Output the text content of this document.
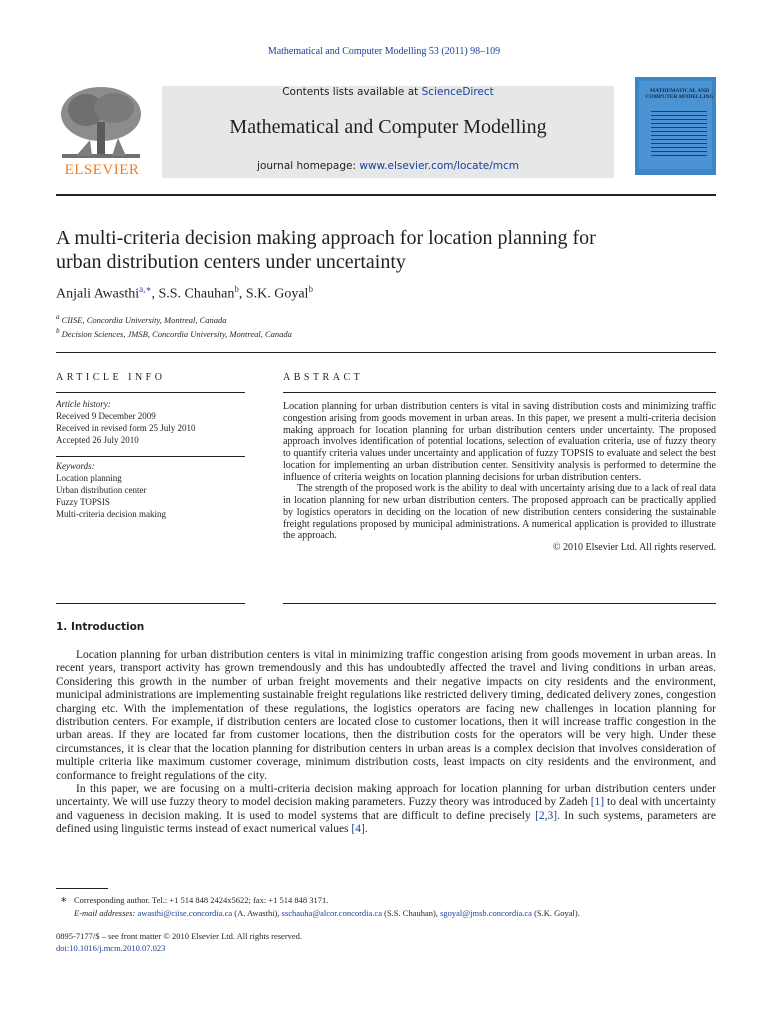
Mathematical and Computer Modelling 53 (2011) 98–109
ELSEVIER
Contents lists available at ScienceDirect
Mathematical and Computer Modelling
journal homepage: www.elsevier.com/locate/mcm
MATHEMATICAL AND COMPUTER MODELLING
A multi-criteria decision making approach for location planning for
urban distribution centers under uncertainty
Anjali Awasthi$^{a,∗}$, S.S. Chauhan$^b$, S.K. Goyal$^b$
$^a$ CIISE, Concordia University, Montreal, Canada
$^b$ Decision Sciences, JMSB, Concordia University, Montreal, Canada
ARTICLE INFO
Article history:
Received 9 December 2009
Received in revised form 25 July 2010
Accepted 26 July 2010
Keywords:
Location planning
Urban distribution center
Fuzzy TOPSIS
Multi-criteria decision making
ABSTRACT

Location planning for urban distribution centers is vital in saving distribution costs and minimizing traffic congestion arising from goods movement in urban areas. In this paper, we present a multi-criteria decision making approach for location planning for urban distribution centers under uncertainty. The proposed approach involves identification of potential locations, selection of evaluation criteria, use of fuzzy theory to quantify criteria values under uncertainty and application of fuzzy TOPSIS to evaluate and select the best location for implementing an urban distribution center. Sensitivity analysis is performed to determine the influence of criteria weights on location planning decisions for urban distribution centers.

The strength of the proposed work is the ability to deal with uncertainty arising due to a lack of real data in location planning for new urban distribution centers. The proposed approach can be practically applied by logistics operators in deciding on the location of new distribution centers considering the sustainable freight regulations proposed by municipal administrations. A numerical application is provided to illustrate the approach.

© 2010 Elsevier Ltd. All rights reserved.
1. Introduction

Location planning for urban distribution centers is vital in minimizing traffic congestion arising from goods movement in urban areas. In recent years, transport activity has grown tremendously and this has undoubtedly affected the travel and living conditions in urban areas. Considering this growth in the number of urban freight movements and their negative impacts on city residents and the environment, municipal administrations are implementing sustainable freight regulations like restricted delivery timing, dedicated delivery zones, congestion charging etc. With the implementation of these regulations, the logistics operators are facing new challenges in location planning for distribution centers. For example, if distribution centers are located close to customer locations, then it will increase traffic congestion in the urban areas. If they are located far from customer locations, then the distribution costs for the operators will be very high. Under these circumstances, it is clear that the location planning for distribution centers in urban areas is a complex decision that involves consideration of multiple criteria like maximum customer coverage, minimum distribution costs, least impacts on city residents and the environment, and conformance to freight regulations of the city.

In this paper, we are focusing on a multi-criteria decision making approach for location planning for urban distribution centers under uncertainty. We will use fuzzy theory to model decision making parameters. Fuzzy theory was introduced by Zadeh [1] to deal with uncertainty and vagueness in decision making. It is used to model systems that are difficult to define precisely [2,3]. In such systems, parameters are defined using linguistic terms instead of exact numerical values [4].

∗ Corresponding author. Tel.: +1 514 848 2424x5622; fax: +1 514 848 3171.
E-mail addresses: awasthi@ciise.concordia.ca (A. Awasthi), sschauha@alcor.concordia.ca (S.S. Chauhan), sgoyal@jmsb.concordia.ca (S.K. Goyal).
0895-7177/$ – see front matter © 2010 Elsevier Ltd. All rights reserved.
doi:10.1016/j.mcm.2010.07.023
